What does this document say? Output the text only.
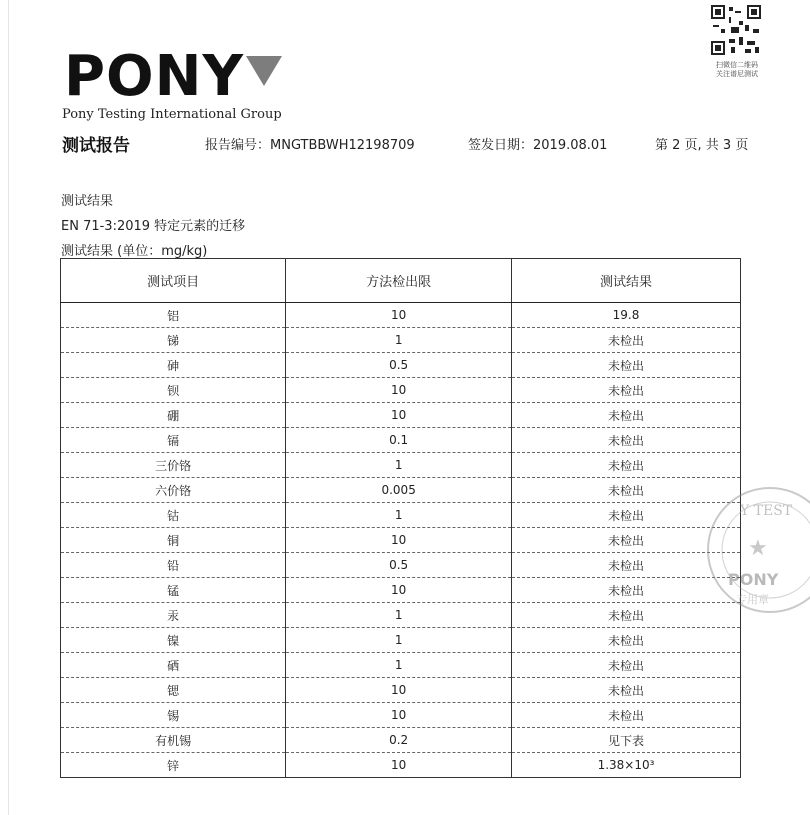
PONY
Pony Testing International Group
扫微信二维码
关注谱尼测试
测试报告	报告编号：MNGTBBWH12198709	签发日期：2019.08.01	第 2 页, 共 3 页
测试结果
EN 71-3:2019 特定元素的迁移
测试结果 (单位：mg/kg)
测试项目	方法检出限	测试结果
铝	10	19.8
锑	1	未检出
砷	0.5	未检出
钡	10	未检出
硼	10	未检出
镉	0.1	未检出
三价铬	1	未检出
六价铬	0.005	未检出
钴	1	未检出
铜	10	未检出
铅	0.5	未检出
锰	10	未检出
汞	1	未检出
镍	1	未检出
硒	1	未检出
锶	10	未检出
锡	10	未检出
有机锡	0.2	见下表
锌	10	1.38×10³
Y TEST
★
PONY
专用章
